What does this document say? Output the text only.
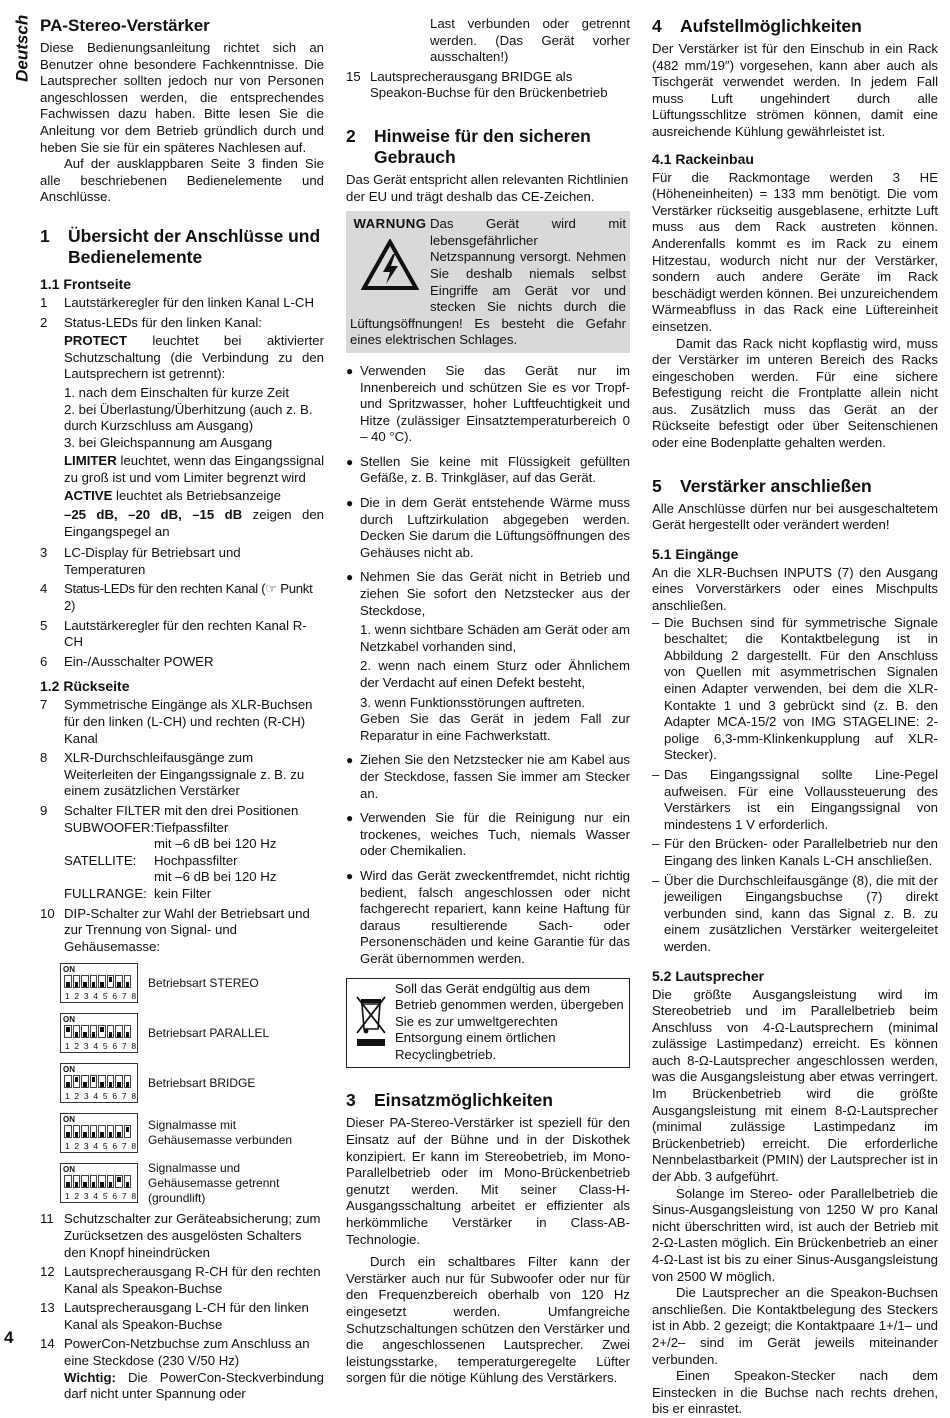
Deutsch
4
PA-Stereo-Verstärker

Diese Bedienungsanleitung richtet sich an Benutzer ohne besondere Fachkenntnisse. Die Lautsprecher sollten jedoch nur von Personen angeschlossen werden, die entsprechendes Fachwissen dazu haben. Bitte lesen Sie die Anleitung vor dem Betrieb gründlich durch und heben Sie sie für ein späteres Nachlesen auf.

Auf der ausklappbaren Seite 3 finden Sie alle beschriebenen Bedienelemente und Anschlüsse.

1	Übersicht der Anschlüsse und Bedienelemente
1.1 Frontseite
1	Lautstärkeregler für den linken Kanal L-CH
2	Status-LEDs für den linken Kanal:
PROTECT leuchtet bei aktivierter Schutzschaltung (die Verbindung zu den Lautsprechern ist getrennt):
1. nach dem Einschalten für kurze Zeit
2. bei Überlastung/Überhitzung (auch z. B. durch Kurzschluss am Ausgang)
3. bei Gleichspannung am Ausgang
LIMITER leuchtet, wenn das Eingangssignal zu groß ist und vom Limiter begrenzt wird
ACTIVE leuchtet als Betriebsanzeige
–25 dB, –20 dB, –15 dB zeigen den Eingangspegel an
3	LC-Display für Betriebsart und Temperaturen
4	Status-LEDs für den rechten Kanal (☞ Punkt 2)
5	Lautstärkeregler für den rechten Kanal R-CH
6	Ein-/Ausschalter POWER
1.2 Rückseite
7	Symmetrische Eingänge als XLR-Buchsen für den linken (L-CH) und rechten (R-CH) Kanal
8	XLR-Durchschleifausgänge zum Weiterleiten der Eingangssignale z. B. zu einem zusätzlichen Verstärker
9	Schalter FILTER mit den drei Positionen
SUBWOOFER: Tiefpassfilter
mit –6 dB bei 120 Hz
SATELLITE:	Hochpassfilter
mit –6 dB bei 120 Hz
FULLRANGE: kein Filter
10 DIP-Schalter zur Wahl der Betriebsart und zur Trennung von Signal- und Gehäusemasse:
ON
1 2 3 4 5 6 7 8
Betriebsart STEREO
ON
1 2 3 4 5 6 7 8
Betriebsart PARALLEL
ON
1 2 3 4 5 6 7 8
Betriebsart BRIDGE
ON
1 2 3 4 5 6 7 8
Signalmasse mit Gehäusemasse verbunden
ON
1 2 3 4 5 6 7 8
Signalmasse und Gehäusemasse getrennt (groundlift)
11 Schutzschalter zur Geräteabsicherung; zum Zurücksetzen des ausgelösten Schalters den Knopf hineindrücken
12 Lautsprecherausgang R-CH für den rechten Kanal als Speakon-Buchse
13 Lautsprecherausgang L-CH für den linken Kanal als Speakon-Buchse
14 PowerCon-Netzbuchse zum Anschluss an eine Steckdose (230 V/50 Hz)
Wichtig: Die PowerCon-Steckverbindung darf nicht unter Spannung oder
Last verbunden oder getrennt werden. (Das Gerät vorher ausschalten!)
15 Lautsprecherausgang BRIDGE als Speakon-Buchse für den Brückenbetrieb
2	Hinweise für den sicheren Gebrauch

Das Gerät entspricht allen relevanten Richtlinien der EU und trägt deshalb das CE-Zeichen.

WARNUNG Das Gerät wird mit lebensgefährlicher Netzspannung versorgt. Nehmen Sie deshalb niemals selbst Eingriffe am Gerät vor und stecken Sie nichts durch die Lüftungsöffnungen! Es besteht die Gefahr eines elektrischen Schlages.
● Verwenden Sie das Gerät nur im Innenbereich und schützen Sie es vor Tropf- und Spritzwasser, hoher Luftfeuchtigkeit und Hitze (zulässiger Einsatztemperaturbereich 0 – 40 °C).
● Stellen Sie keine mit Flüssigkeit gefüllten Gefäße, z. B. Trinkgläser, auf das Gerät.
● Die in dem Gerät entstehende Wärme muss durch Luftzirkulation abgegeben werden. Decken Sie darum die Lüftungsöffnungen des Gehäuses nicht ab.
● Nehmen Sie das Gerät nicht in Betrieb und ziehen Sie sofort den Netzstecker aus der Steckdose,
1. wenn sichtbare Schäden am Gerät oder am Netzkabel vorhanden sind,
2. wenn nach einem Sturz oder Ähnlichem der Verdacht auf einen Defekt besteht,
3. wenn Funktionsstörungen auftreten.
Geben Sie das Gerät in jedem Fall zur Reparatur in eine Fachwerkstatt.
● Ziehen Sie den Netzstecker nie am Kabel aus der Steckdose, fassen Sie immer am Stecker an.
● Verwenden Sie für die Reinigung nur ein trockenes, weiches Tuch, niemals Wasser oder Chemikalien.
● Wird das Gerät zweckentfremdet, nicht richtig bedient, falsch angeschlossen oder nicht fachgerecht repariert, kann keine Haftung für daraus resultierende Sach- oder Personenschäden und keine Garantie für das Gerät übernommen werden.
Soll das Gerät endgültig aus dem Betrieb genommen werden, übergeben Sie es zur umweltgerechten Entsorgung einem örtlichen Recyclingbetrieb.
3	Einsatzmöglichkeiten

Dieser PA-Stereo-Verstärker ist speziell für den Einsatz auf der Bühne und in der Diskothek konzipiert. Er kann im Stereobetrieb, im Mono-Parallelbetrieb oder im Mono-Brückenbetrieb genutzt werden. Mit seiner Class-H-Ausgangsschaltung arbeitet er effizienter als herkömmliche Verstärker in Class-AB-Technologie.

Durch ein schaltbares Filter kann der Verstärker auch nur für Subwoofer oder nur für den Frequenzbereich oberhalb von 120 Hz eingesetzt werden. Umfangreiche Schutzschaltungen schützen den Verstärker und die angeschlossenen Lautsprecher. Zwei leistungsstarke, temperaturgeregelte Lüfter sorgen für die nötige Kühlung des Verstärkers.

4	Aufstellmöglichkeiten

Der Verstärker ist für den Einschub in ein Rack (482 mm/19″) vorgesehen, kann aber auch als Tischgerät verwendet werden. In jedem Fall muss Luft ungehindert durch alle Lüftungsschlitze strömen können, damit eine ausreichende Kühlung gewährleistet ist.

4.1 Rackeinbau

Für die Rackmontage werden 3 HE (Höheneinheiten) = 133 mm benötigt. Die vom Verstärker rückseitig ausgeblasene, erhitzte Luft muss aus dem Rack austreten können. Anderenfalls kommt es im Rack zu einem Hitzestau, wodurch nicht nur der Verstärker, sondern auch andere Geräte im Rack beschädigt werden können. Bei unzureichendem Wärmeabfluss in das Rack eine Lüftereinheit einsetzen.

Damit das Rack nicht kopflastig wird, muss der Verstärker im unteren Bereich des Racks eingeschoben werden. Für eine sichere Befestigung reicht die Frontplatte allein nicht aus. Zusätzlich muss das Gerät an der Rückseite befestigt oder über Seitenschienen oder eine Bodenplatte gehalten werden.

5	Verstärker anschließen

Alle Anschlüsse dürfen nur bei ausgeschaltetem Gerät hergestellt oder verändert werden!

5.1 Eingänge

An die XLR-Buchsen INPUTS (7) den Ausgang eines Vorverstärkers oder eines Mischpults anschließen.

– Die Buchsen sind für symmetrische Signale beschaltet; die Kontaktbelegung ist in Abbildung 2 dargestellt. Für den Anschluss von Quellen mit asymmetrischen Signalen einen Adapter verwenden, bei dem die XLR-Kontakte 1 und 3 gebrückt sind (z. B. den Adapter MCA-15/2 von IMG STAGELINE: 2-polige 6,3-mm-Klinkenkupplung auf XLR-Stecker).
– Das Eingangssignal sollte Line-Pegel aufweisen. Für eine Vollaussteuerung des Verstärkers ist ein Eingangssignal von mindestens 1 V erforderlich.
– Für den Brücken- oder Parallelbetrieb nur den Eingang des linken Kanals L-CH anschließen.
– Über die Durchschleifausgänge (8), die mit der jeweiligen Eingangsbuchse (7) direkt verbunden sind, kann das Signal z. B. zu einem zusätzlichen Verstärker weitergeleitet werden.
5.2 Lautsprecher

Die größte Ausgangsleistung wird im Stereobetrieb und im Parallelbetrieb beim Anschluss von 4-Ω-Lautsprechern (minimal zulässige Lastimpedanz) erreicht. Es können auch 8-Ω-Lautsprecher angeschlossen werden, was die Ausgangsleistung aber etwas verringert. Im Brückenbetrieb wird die größte Ausgangsleistung mit einem 8-Ω-Lautsprecher (minimal zulässige Lastimpedanz im Brückenbetrieb) erreicht. Die erforderliche Nennbelastbarkeit (PMIN) der Lautsprecher ist in der Abb. 3 aufgeführt.

Solange im Stereo- oder Parallelbetrieb die Sinus-Ausgangsleistung von 1250 W pro Kanal nicht überschritten wird, ist auch der Betrieb mit 2-Ω-Lasten möglich. Ein Brückenbetrieb an einer 4-Ω-Last ist bis zu einer Sinus-Ausgangsleistung von 2500 W möglich.

Die Lautsprecher an die Speakon-Buchsen anschließen. Die Kontaktbelegung des Steckers ist in Abb. 2 gezeigt; die Kontaktpaare 1+/1– und 2+/2– sind im Gerät jeweils miteinander verbunden.

Einen Speakon-Stecker nach dem Einstecken in die Buchse nach rechts drehen, bis er einrastet.
